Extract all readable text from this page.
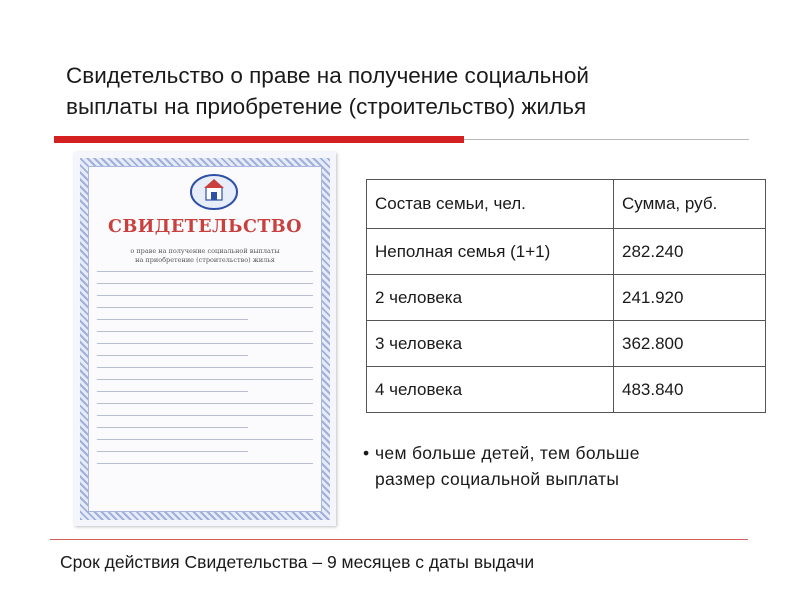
Свидетельство о праве на получение социальной
выплаты на приобретение (строительство) жилья
СВИДЕТЕЛЬСТВО
о праве на получение социальной выплаты
на приобретение (строительство) жилья
Состав семьи, чел.	Сумма, руб.
Неполная семья (1+1)	282.240
2 человека	241.920
3 человека	362.800
4 человека	483.840
• чем больше детей, тем больше
размер социальной выплаты
Срок действия Свидетельства – 9 месяцев с даты выдачи
